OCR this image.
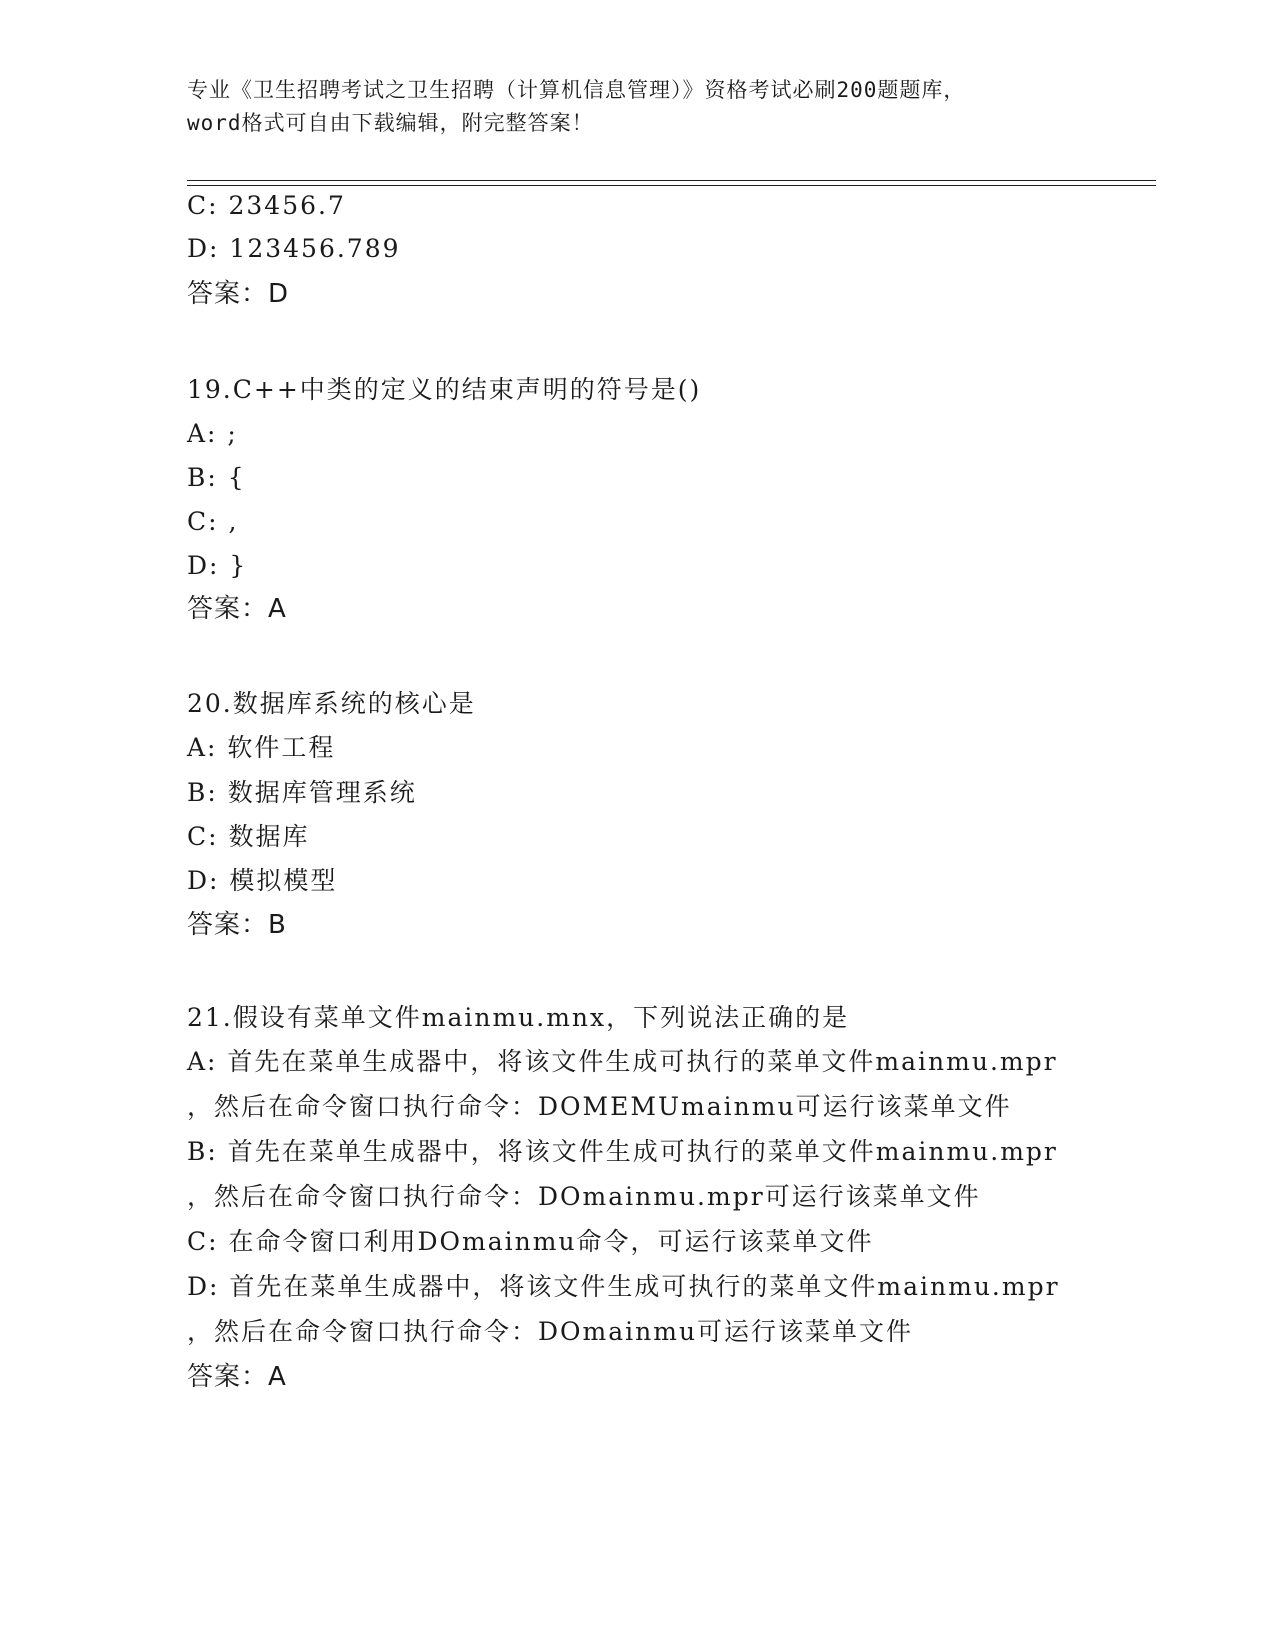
专业《卫生招聘考试之卫生招聘（计算机信息管理）》资格考试必刷200题题库，
word格式可自由下载编辑，附完整答案！
C: 23456.7
D: 123456.789
答案：D
19.C++中类的定义的结束声明的符号是()
A: ;
B: {
C: ,
D: }
答案：A
20.数据库系统的核心是
A: 软件工程
B: 数据库管理系统
C: 数据库
D: 模拟模型
答案：B
21.假设有菜单文件mainmu.mnx，下列说法正确的是
A: 首先在菜单生成器中，将该文件生成可执行的菜单文件mainmu.mpr
，然后在命令窗口执行命令：DOMEMUmainmu可运行该菜单文件
B: 首先在菜单生成器中，将该文件生成可执行的菜单文件mainmu.mpr
，然后在命令窗口执行命令：DOmainmu.mpr可运行该菜单文件
C: 在命令窗口利用DOmainmu命令，可运行该菜单文件
D: 首先在菜单生成器中，将该文件生成可执行的菜单文件mainmu.mpr
，然后在命令窗口执行命令：DOmainmu可运行该菜单文件
答案：A
